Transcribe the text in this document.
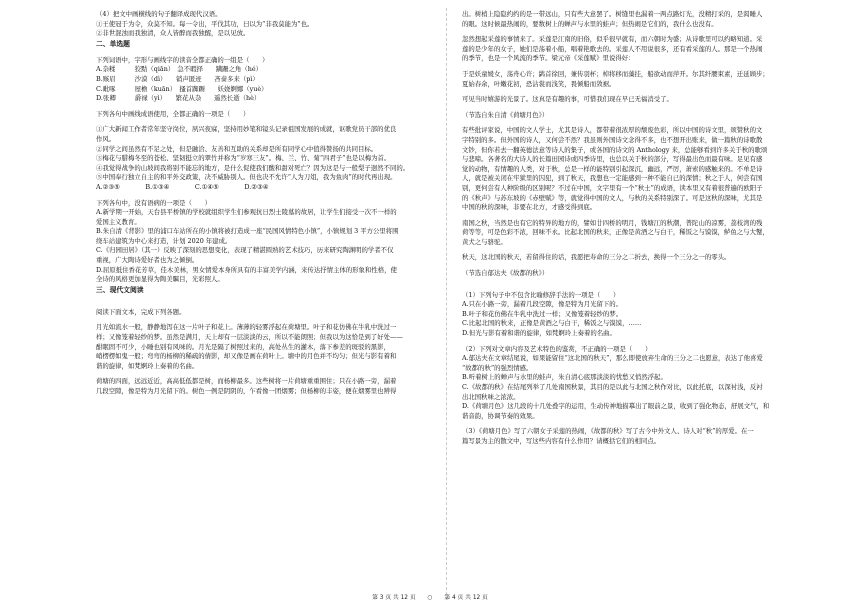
（4）把文中画横线的句子翻译成现代汉语。
①王使冠于为令，众莫不知。每一令出，平伐其功，曰以为“非我莫能为”也。
②非世混浊而我独清，众人皆醉而我独醒，是以见放。
二、单选题
下列词语中，字形与画线字的读音全都正确的一组是（　　）
A.杂糅　　　狡黠（qiān）　急不暇择　　蹒跚之角（hé）
B.赅眉　　　沙漠（dì）　　销声匿迹　　吝啬多来（pì）
C.毗啄　　　屋檐（kuān）　搔首踟蹰　　妖娆婀娜（yuè）
D.张卿　　　爵禄（yì）　　繁花从杂　　遥然长逝（hè）
下列各句中画线成语使用，全都正确的一项是（　　）
①广大新闻工作者常年坚守岗位，夙兴夜寐，坚持用妙笔和镜头记录祖国发展的成就，讴歌党员干部的优良
作风。
②同学之间虽然有不足之处，但是融洽、友善和互助的关系却是所有同学心中值得赞扬的共同目标。
③梅花与腊梅冬至的苍松、坚韧挺立的翠竹并称为“岁寒三友”。梅、兰、竹、菊“四君子”也是以梅为首。
④我觉得战争的山坡间我将别不能忘的地方，是什么促使我们酸和甜对死亡？因为这是与一般梨子迥然不同的。
⑤中国奉行独立自主的和平外交政策，决不威胁别人。但也决不允许“人为刀俎，我为鱼肉”的时代再出现。
A.②③⑤　　　　B.①③④　　　　C.①④⑤　　　　D.②③④
下列各句中，没有语病的一项是（　　）
A.新学期一开始，天台县平桥镇的学校就组织学生们参观抗日烈士陵墓的故居，让学生们接受一次不一样的
爱国主义教育。
B.朱自清《背影》里的浦口车站所在的小镇将被打造成一座“民国风情特色小镇”，小镇规划 3 平方公里将围
绕车站建筑为中心来打造，计划 2020 年建成。
C.《归园田居》（其一）反映了深刻的思想变化，表现了精湛圆熟的艺术技巧，历来研究陶渊明的学者不仅
重视，广大陶诗爱好者也为之倾倒。
D.屈原抵住香花芳草，佳木美林，男女情爱本身所具有的丰富美学内涵，来传达抒情主体的形象和性格，使
全诗的风格更加显得为陶美瞩目，光彩照人。
三、现代文阅读
阅读下面文本，完成下列各题。
月光如流水一般，静静地泻在这一片叶子和花上。薄薄的轻雾浮起在荷塘里。叶子和花仿佛在牛乳中洗过一
样；又像笼着轻纱的梦。虽然是满月，天上却有一层淡淡的云，所以不能朗照；但我以为这恰是到了好处——
酣眠固不可少，小睡也别有风味的。月光是隔了树照过来的，高处丛生的灌木，落下参差的斑驳的黑影，
峭楞楞如鬼一般；弯弯的杨柳的稀疏的倩影，却又像是画在荷叶上。塘中的月色并不均匀；但光与影有着和
谐的旋律，如梵婀玲上奏着的名曲。
荷塘的四面，远远近近，高高低低都是树，而杨柳最多。这些树将一片荷塘重重围住；只在小路一旁，漏着
几段空隙，像是特为月光留下的。树色一例是阴阴的，乍看像一团烟雾；但杨柳的丰姿，便在烟雾里也辨得
出。树梢上隐隐约约的是一带远山，只有些大意罢了。树缝里也漏着一两点路灯光，没精打采的，是渴睡人
的眼。这时候最热闹的，要数树上的蝉声与水里的蛙声；但热闹是它们的，我什么也没有。
忽然想起采莲的事情来了。采莲是江南的旧俗，似乎很早就有，而六朝时为盛；从诗歌里可以约略知道。采
莲的是少年的女子，她们是荡着小船，唱着艳歌去的。采莲人不用说很多，还有看采莲的人。那是一个热闹
的季节，也是一个风流的季节。梁元帝《采莲赋》里说得好：
于是妖童媛女，荡舟心许；鹢首徐回，兼传羽杯；棹将移而藻挂，船欲动而萍开。尔其纤腰束素，迁延顾步；
夏始春余，叶嫩花初，恐沾裳而浅笑，畏倾船而敛裾。
可见当时嬉游的光景了。这真是有趣的事，可惜我们现在早已无福消受了。
（节选自朱自清《荷塘月色》）
有些批评家说，中国的文人学士，尤其是诗人，都带着很浓厚的颓废色彩，所以中国的诗文里，颂赞秋的文
字特别的多。但外国的诗人，又何尝不然？我虽则外国诗文念得不多，也不想开出账来，做一篇秋的诗歌散
文钞，但你若去一翻英德法意等诗人的集子，或各国的诗文的 Anthology 来，总能够看到许多关于秋的歌颂
与悲啼。各著名的大诗人的长篇田园诗或四季诗里，也总以关于秋的部分，写得最出色而最有味。足见有感
觉的动物，有情趣的人类，对于秋，总是一样的能特别引起深沉，幽远，严厉，萧索的感触来的。不单是诗
人，就是被关闭在牢狱里的囚犯，到了秋天，我想也一定能感到一种不能自已的深情；秋之于人，何尝有国
别，更何尝有人种阶级的区别呢？不过在中国，文字里有一个“秋士”的成语，读本里又有着很普遍的欧阳子
的《秋声》与苏东坡的《赤壁赋》等，就觉得中国的文人，与秋的关系特别深了。可是这秋的深味，尤其是
中国的秋的深味，非要在北方，才感受得到底。
南国之秋，当然是也有它的特异的地方的，譬如廿四桥的明月，钱塘江的秋潮，普陀山的凉雾，荔枝湾的残
荷等等，可是色彩不浓，回味不永。比起北国的秋来，正像是黄酒之与白干，稀饭之与馍馍，鲈鱼之与大蟹，
黄犬之与骆驼。
秋天，这北国的秋天，若留得住的话，我愿把寿命的三分之二折去，换得一个三分之一的零头。
（节选自郁达夫《故都的秋》）
（1）下列句子中不包含比喻修辞手法的一项是（　　）
A.只在小路一旁，漏着几段空隙，像是特为月光留下的。
B.叶子和花仿佛在牛乳中洗过一样；又像笼着轻纱的梦。
C.比起北国的秋来，正像是黄酒之与白干，稀饭之与馍馍，……
D.但光与影有着和谐的旋律，如梵婀玲上奏着的名曲。
（2）下列对文章内容及艺术特色的鉴赏，不正确的一项是（　　）
A.郁达夫在文章结尾说，如果能留住“这北国的秋天”，那么即使放弃生命的三分之二也愿意，表达了他喜爱
“故都的秋”的强烈情感。
B.听着树上的蝉声与水里的蛙声，朱自清心底那淡淡的忧愁又悄然浮起。
C.《故都的秋》在结尾列举了几处南国秋景，其目的是以此与北国之秋作对比，以此托底，以深衬浅，反衬
出北国秋味之浓浓。
D.《荷塘月色》这几段的十几处叠字的运用，生动传神地描摹出了眼前之景，收到了强化物态，舒展文气，和
谐音韵，协调节奏的效果。
（3）《荷塘月色》写了六朝女子采莲的热闹，《故都的秋》写了古今中外文人、诗人对“秋”的厚爱。在一
篇写景为主的散文中，写这些内容有什么作用？请概括它们的相同点。
第 3 页 共 12 页 ○ 第 4 页 共 12 页
